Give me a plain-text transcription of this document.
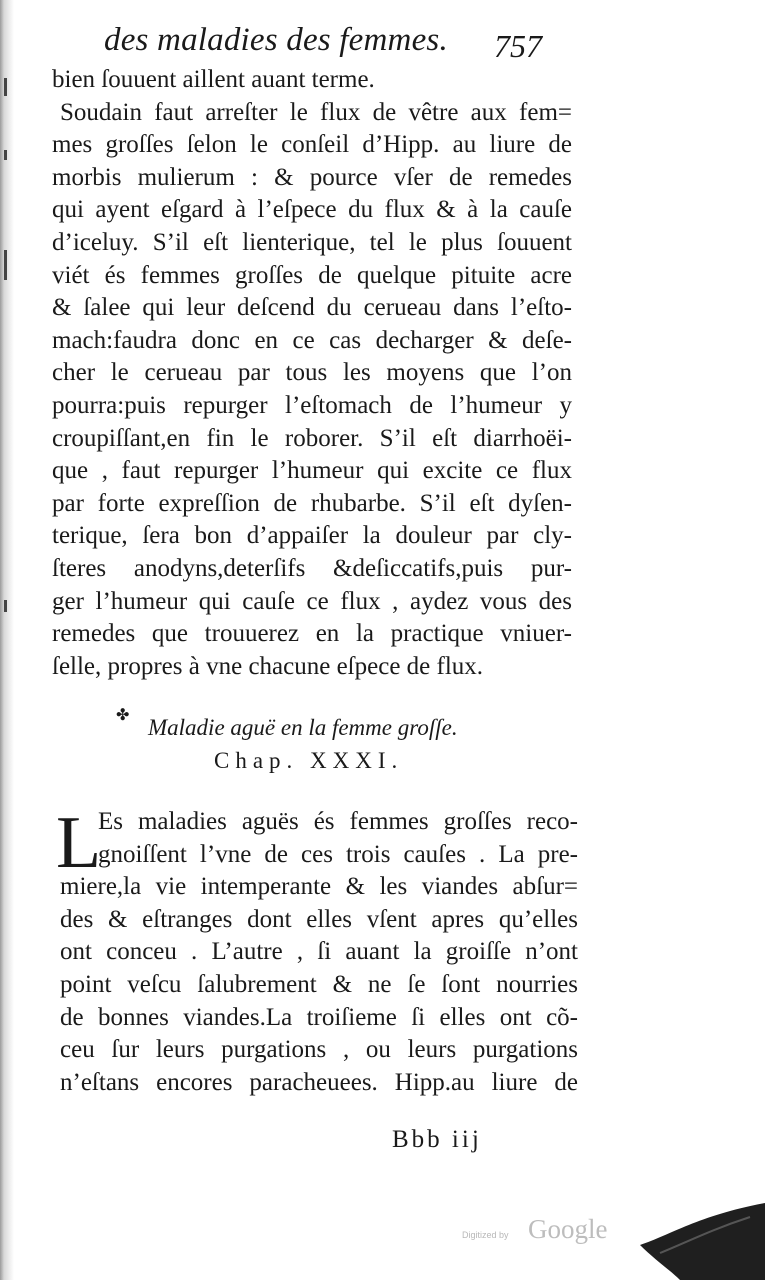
des maladies des femmes. 757
bien ſouuent aillent auant terme.
Soudain faut arreſter le flux de vêtre aux fem=
mes groſſes ſelon le conſeil d’Hipp. au liure de
morbis mulierum : & pource vſer de remedes
qui ayent eſgard à l’eſpece du flux & à la cauſe
d’iceluy. S’il eſt lienterique, tel le plus ſouuent
viét és femmes groſſes de quelque pituite acre
& ſalee qui leur deſcend du cerueau dans l’eſto-
mach:faudra donc en ce cas decharger & deſe-
cher le cerueau par tous les moyens que l’on
pourra:puis repurger l’eſtomach de l’humeur y
croupiſſant,en fin le roborer. S’il eſt diarrhoëi-
que , faut repurger l’humeur qui excite ce flux
par forte expreſſion de rhubarbe. S’il eſt dyſen-
terique, ſera bon d’appaiſer la douleur par cly-
ſteres anodyns,deterſifs &deſiccatifs,puis pur-
ger l’humeur qui cauſe ce flux , aydez vous des
remedes que trouuerez en la practique vniuer-
ſelle, propres à vne chacune eſpece de flux.
✤ Maladie aguë en la femme groſſe.
Chap. XXXI.
L
Es maladies aguës és femmes groſſes reco-
gnoiſſent l’vne de ces trois cauſes . La pre-
miere,la vie intemperante & les viandes abſur=
des & eſtranges dont elles vſent apres qu’elles
ont conceu . L’autre , ſi auant la groiſſe n’ont
point veſcu ſalubrement & ne ſe ſont nourries
de bonnes viandes.La troiſieme ſi elles ont cõ-
ceu ſur leurs purgations , ou leurs purgations
n’eſtans encores paracheuees. Hipp.au liure de
Bbb iij
Digitized by Google
